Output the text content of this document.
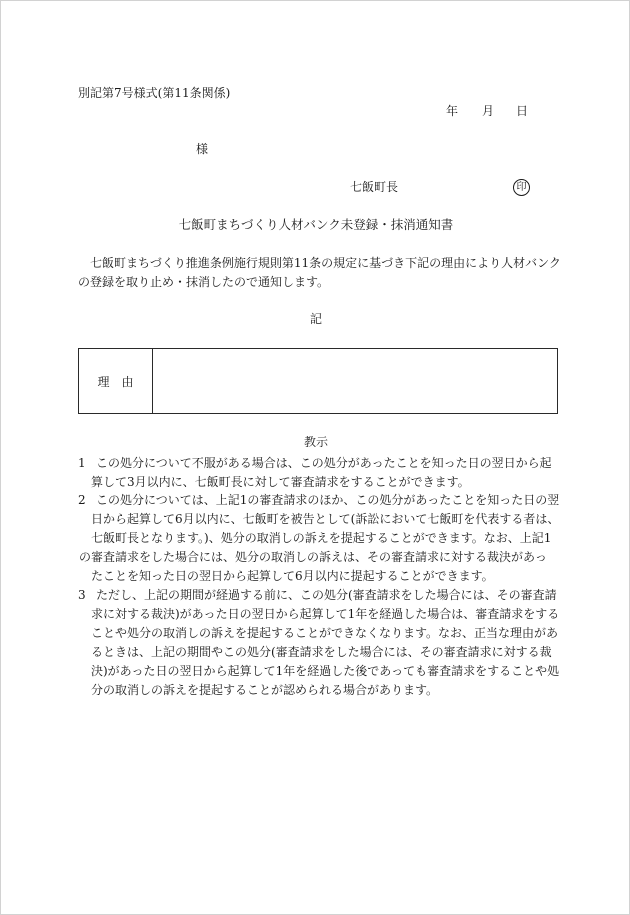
別記第7号様式(第11条関係)
年 月 日
様
七飯町長	印
七飯町まちづくり人材バンク未登録・抹消通知書
七飯町まちづくり推進条例施行規則第11条の規定に基づき下記の理由により人材バンク
の登録を取り止め・抹消したので通知します。
記
理　由
教示
1 この処分について不服がある場合は、この処分があったことを知った日の翌日から起
算して3月以内に、七飯町長に対して審査請求をすることができます。
2 この処分については、上記1の審査請求のほか、この処分があったことを知った日の翌
日から起算して6月以内に、七飯町を被告として(訴訟において七飯町を代表する者は、
七飯町長となります。)、処分の取消しの訴えを提起することができます。なお、上記1
の審査請求をした場合には、処分の取消しの訴えは、その審査請求に対する裁決があっ
たことを知った日の翌日から起算して6月以内に提起することができます。
3 ただし、上記の期間が経過する前に、この処分(審査請求をした場合には、その審査請
求に対する裁決)があった日の翌日から起算して1年を経過した場合は、審査請求をする
ことや処分の取消しの訴えを提起することができなくなります。なお、正当な理由があ
るときは、上記の期間やこの処分(審査請求をした場合には、その審査請求に対する裁
決)があった日の翌日から起算して1年を経過した後であっても審査請求をすることや処
分の取消しの訴えを提起することが認められる場合があります。
